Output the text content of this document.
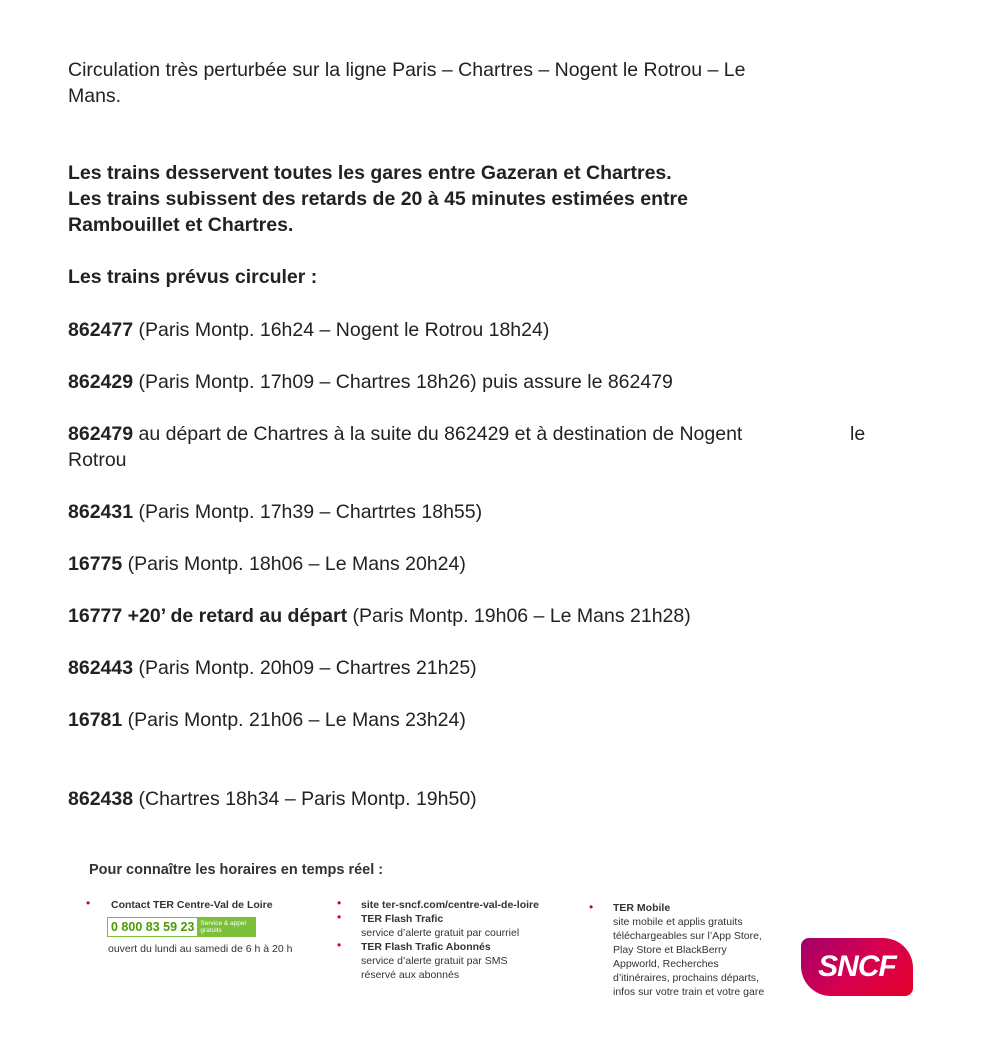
Circulation très perturbée sur la ligne Paris – Chartres – Nogent le Rotrou – Le

Mans.

Les trains desservent toutes les gares entre Gazeran et Chartres.

Les trains subissent des retards de 20 à 45 minutes estimées entre

Rambouillet et Chartres.

Les trains prévus circuler :

862477 (Paris Montp. 16h24 – Nogent le Rotrou 18h24)

862429 (Paris Montp. 17h09 – Chartres 18h26) puis assure le 862479

862479 au départ de Chartres à la suite du 862429 et à destination de Nogent	le

Rotrou

862431 (Paris Montp. 17h39 – Chartrtes 18h55)

16775 (Paris Montp. 18h06 – Le Mans 20h24)

16777 +20’ de retard au départ (Paris Montp. 19h06 – Le Mans 21h28)

862443 (Paris Montp. 20h09 – Chartres 21h25)

16781 (Paris Montp. 21h06 – Le Mans 23h24)

862438 (Chartres 18h34 – Paris Montp. 19h50)

Pour connaître les horaires en temps réel :
• Contact TER Centre-Val de Loire
0 800 83 59 23 Service & appel gratuits
ouvert du lundi au samedi de 6 h à 20 h
• site ter-sncf.com/centre-val-de-loire
• TER Flash Trafic
service d’alerte gratuit par courriel
• TER Flash Trafic Abonnés
service d’alerte gratuit par SMS
réservé aux abonnés
• TER Mobile
site mobile et applis gratuits
téléchargeables sur l’App Store,
Play Store et BlackBerry
Appworld, Recherches
d’itinéraires, prochains départs,
infos sur votre train et votre gare
SNCF
